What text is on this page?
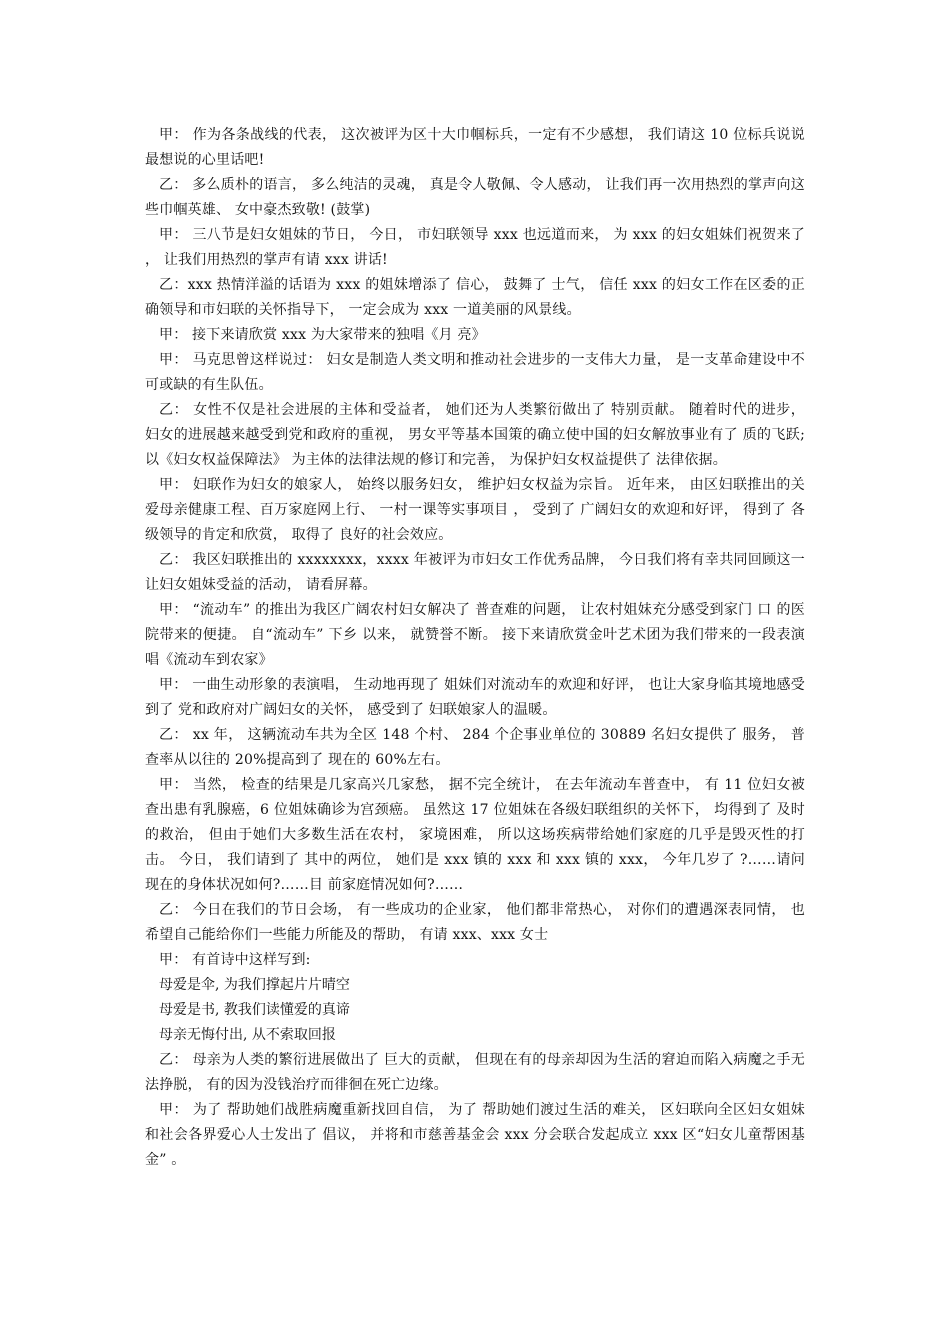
甲： 作为各条战线的代表， 这次被评为区十大巾帼标兵，一定有不少感想， 我们请这 10 位标兵说说最想说的心里话吧!

乙： 多么质朴的语言， 多么纯洁的灵魂， 真是令人敬佩、令人感动， 让我们再一次用热烈的掌声向这些巾帼英雄、 女中豪杰致敬! (鼓掌)

甲： 三八节是妇女姐妹的节日， 今日， 市妇联领导 xxx 也远道而来， 为 xxx 的妇女姐妹们祝贺来了 ， 让我们用热烈的掌声有请 xxx 讲话!

乙：xxx 热情洋溢的话语为 xxx 的姐妹增添了 信心， 鼓舞了 士气， 信任 xxx 的妇女工作在区委的正确领导和市妇联的关怀指导下， 一定会成为 xxx 一道美丽的风景线。

甲： 接下来请欣赏 xxx 为大家带来的独唱《月 亮》

甲： 马克思曾这样说过： 妇女是制造人类文明和推动社会进步的一支伟大力量， 是一支革命建设中不可或缺的有生队伍。

乙： 女性不仅是社会进展的主体和受益者， 她们还为人类繁衍做出了 特别贡献。 随着时代的进步， 妇女的进展越来越受到党和政府的重视， 男女平等基本国策的确立使中国的妇女解放事业有了 质的飞跃; 以《妇女权益保障法》 为主体的法律法规的修订和完善， 为保护妇女权益提供了 法律依据。

甲： 妇联作为妇女的娘家人， 始终以服务妇女， 维护妇女权益为宗旨。 近年来， 由区妇联推出的关爱母亲健康工程、百万家庭网上行、 一村一课等实事项目 ， 受到了 广阔妇女的欢迎和好评， 得到了 各级领导的肯定和欣赏， 取得了 良好的社会效应。

乙： 我区妇联推出的 xxxxxxxx，xxxx 年被评为市妇女工作优秀品牌， 今日我们将有幸共同回顾这一让妇女姐妹受益的活动， 请看屏幕。

甲： “流动车” 的推出为我区广阔农村妇女解决了 普查难的问题， 让农村姐妹充分感受到家门 口 的医院带来的便捷。 自“流动车” 下乡 以来， 就赞誉不断。 接下来请欣赏金叶艺术团为我们带来的一段表演唱《流动车到农家》

甲： 一曲生动形象的表演唱， 生动地再现了 姐妹们对流动车的欢迎和好评， 也让大家身临其境地感受到了 党和政府对广阔妇女的关怀， 感受到了 妇联娘家人的温暖。

乙： xx 年， 这辆流动车共为全区 148 个村、 284 个企事业单位的 30889 名妇女提供了 服务， 普查率从以往的 20%提高到了 现在的 60%左右。

甲： 当然， 检查的结果是几家高兴几家愁， 据不完全统计， 在去年流动车普查中， 有 11 位妇女被查出患有乳腺癌，6 位姐妹确诊为宫颈癌。 虽然这 17 位姐妹在各级妇联组织的关怀下， 均得到了 及时的救治， 但由于她们大多数生活在农村， 家境困难， 所以这场疾病带给她们家庭的几乎是毁灭性的打击。 今日， 我们请到了 其中的两位， 她们是 xxx 镇的 xxx 和 xxx 镇的 xxx， 今年几岁了 ?……请问现在的身体状况如何?……目 前家庭情况如何?……

乙： 今日在我们的节日会场， 有一些成功的企业家， 他们都非常热心， 对你们的遭遇深表同情， 也希望自己能给你们一些能力所能及的帮助， 有请 xxx、xxx 女士

甲： 有首诗中这样写到:

母爱是伞, 为我们撑起片片晴空

母爱是书, 教我们读懂爱的真谛

母亲无悔付出, 从不索取回报

乙： 母亲为人类的繁衍进展做出了 巨大的贡献， 但现在有的母亲却因为生活的窘迫而陷入病魔之手无法挣脱， 有的因为没钱治疗而徘徊在死亡边缘。

甲： 为了 帮助她们战胜病魔重新找回自信， 为了 帮助她们渡过生活的难关， 区妇联向全区妇女姐妹和社会各界爱心人士发出了 倡议， 并将和市慈善基金会 xxx 分会联合发起成立 xxx 区“妇女儿童帮困基金” 。
